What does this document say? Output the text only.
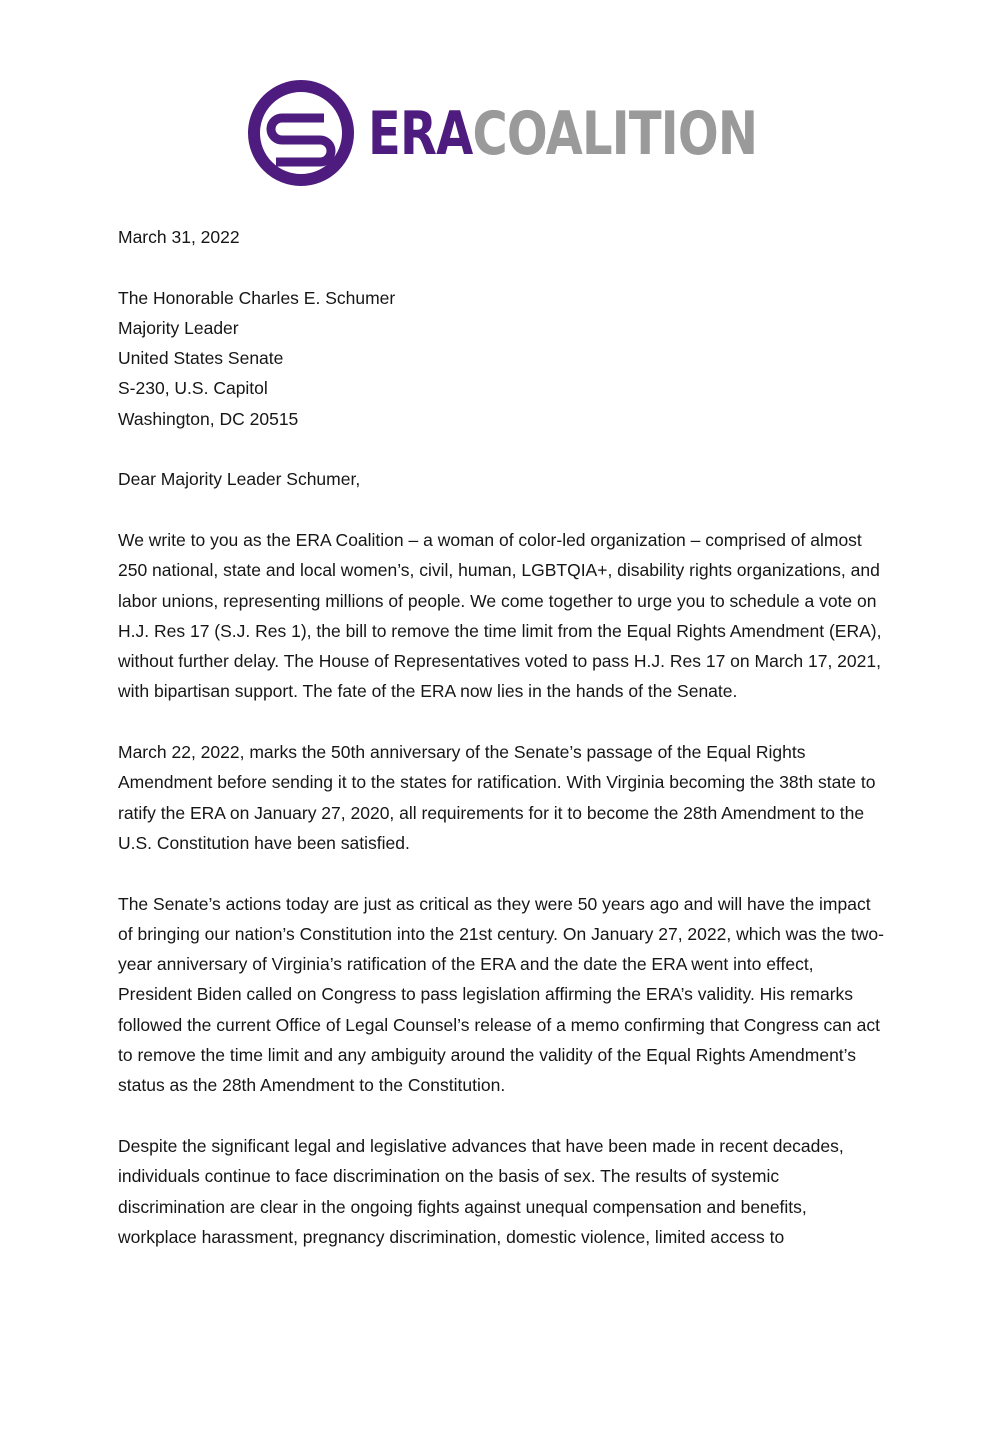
ERA COALITION

March 31, 2022

The Honorable Charles E. Schumer
Majority Leader
United States Senate
S-230, U.S. Capitol
Washington, DC 20515

Dear Majority Leader Schumer,

We write to you as the ERA Coalition – a woman of color-led organization – comprised of almost 250 national, state and local women’s, civil, human, LGBTQIA+, disability rights organizations, and labor unions, representing millions of people. We come together to urge you to schedule a vote on H.J. Res 17 (S.J. Res 1), the bill to remove the time limit from the Equal Rights Amendment (ERA), without further delay. The House of Representatives voted to pass H.J. Res 17 on March 17, 2021, with bipartisan support. The fate of the ERA now lies in the hands of the Senate.

March 22, 2022, marks the 50th anniversary of the Senate’s passage of the Equal Rights Amendment before sending it to the states for ratification. With Virginia becoming the 38th state to ratify the ERA on January 27, 2020, all requirements for it to become the 28th Amendment to the U.S. Constitution have been satisfied.

The Senate’s actions today are just as critical as they were 50 years ago and will have the impact of bringing our nation’s Constitution into the 21st century. On January 27, 2022, which was the two-year anniversary of Virginia’s ratification of the ERA and the date the ERA went into effect, President Biden called on Congress to pass legislation affirming the ERA’s validity. His remarks followed the current Office of Legal Counsel’s release of a memo confirming that Congress can act to remove the time limit and any ambiguity around the validity of the Equal Rights Amendment’s status as the 28th Amendment to the Constitution.

Despite the significant legal and legislative advances that have been made in recent decades, individuals continue to face discrimination on the basis of sex. The results of systemic discrimination are clear in the ongoing fights against unequal compensation and benefits, workplace harassment, pregnancy discrimination, domestic violence, limited access to
